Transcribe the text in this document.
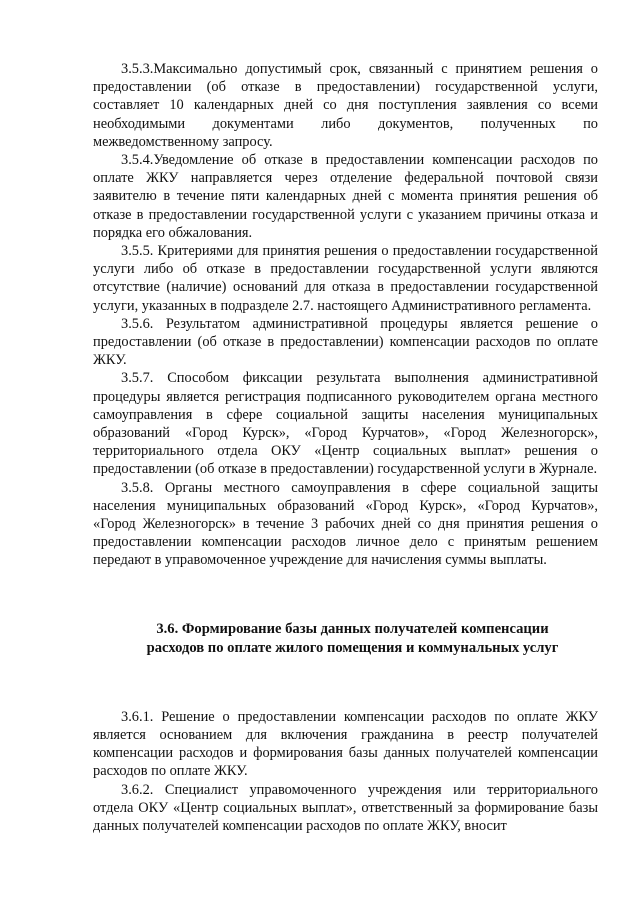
3.5.3.Максимально допустимый срок, связанный с принятием решения о предоставлении (об отказе в предоставлении) государственной услуги, составляет 10 календарных дней со дня поступления заявления со всеми необходимыми документами либо документов, полученных по межведомственному запросу.

3.5.4.Уведомление об отказе в предоставлении компенсации расходов по оплате ЖКУ направляется через отделение федеральной почтовой связи заявителю в течение пяти календарных дней с момента принятия решения об отказе в предоставлении государственной услуги с указанием причины отказа и порядка его обжалования.

3.5.5. Критериями для принятия решения о предоставлении государственной услуги либо об отказе в предоставлении государственной услуги являются отсутствие (наличие) оснований для отказа в предоставлении государственной услуги, указанных в подразделе 2.7. настоящего Административного регламента.

3.5.6. Результатом административной процедуры является решение о предоставлении (об отказе в предоставлении) компенсации расходов по оплате ЖКУ.

3.5.7. Способом фиксации результата выполнения административной процедуры является регистрация подписанного руководителем органа местного самоуправления в сфере социальной защиты населения муниципальных образований «Город Курск», «Город Курчатов», «Город Железногорск», территориального отдела ОКУ «Центр социальных выплат» решения о предоставлении (об отказе в предоставлении) государственной услуги в Журнале.

3.5.8. Органы местного самоуправления в сфере социальной защиты населения муниципальных образований «Город Курск», «Город Курчатов», «Город Железногорск» в течение 3 рабочих дней со дня принятия решения о предоставлении компенсации расходов личное дело с принятым решением передают в управомоченное учреждение для начисления суммы выплаты.

3.6. Формирование базы данных получателей компенсации

расходов по оплате жилого помещения и коммунальных услуг

3.6.1. Решение о предоставлении компенсации расходов по оплате ЖКУ является основанием для включения гражданина в реестр получателей компенсации расходов и формирования базы данных получателей компенсации расходов по оплате ЖКУ.

3.6.2. Специалист управомоченного учреждения или территориального отдела ОКУ «Центр социальных выплат», ответственный за формирование базы данных получателей компенсации расходов по оплате ЖКУ, вносит
